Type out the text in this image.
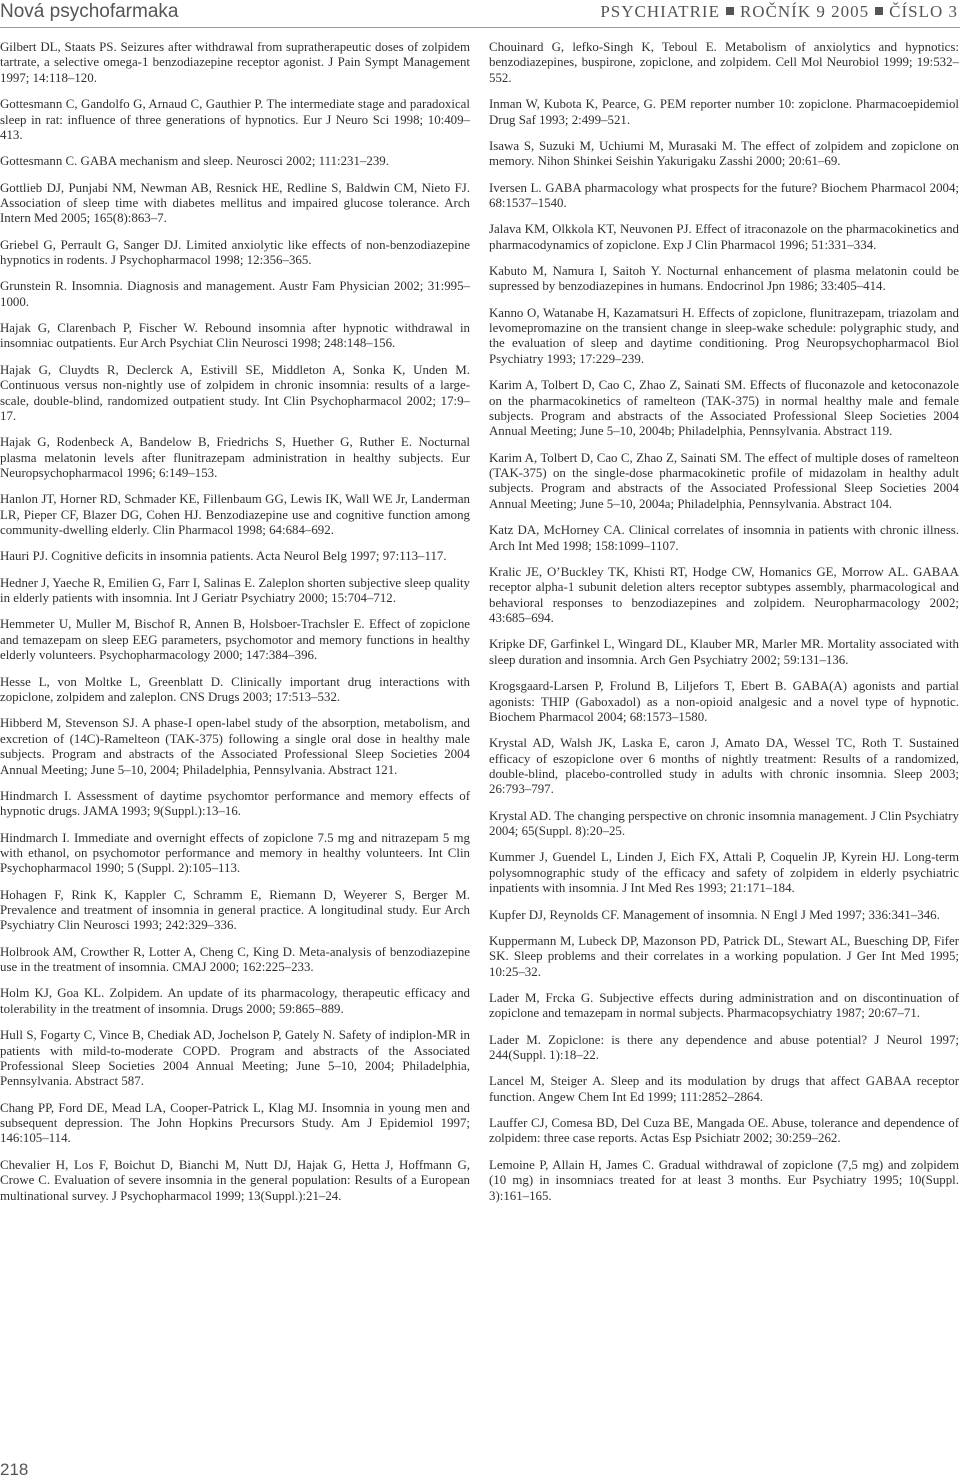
Nová psychofarmaka	PSYCHIATRIE ROČNÍK 9 2005 ČÍSLO 3

Gilbert DL, Staats PS. Seizures after withdrawal from supratherapeutic doses of zolpidem tartrate, a selective omega-1 benzodiazepine receptor agonist. J Pain Sympt Management 1997; 14:118–120.

Gottesmann C, Gandolfo G, Arnaud C, Gauthier P. The intermediate stage and paradoxical sleep in rat: influence of three generations of hypnotics. Eur J Neuro Sci 1998; 10:409–413.

Gottesmann C. GABA mechanism and sleep. Neurosci 2002; 111:231–239.

Gottlieb DJ, Punjabi NM, Newman AB, Resnick HE, Redline S, Baldwin CM, Nieto FJ. Association of sleep time with diabetes mellitus and impaired glucose tolerance. Arch Intern Med 2005; 165(8):863–7.

Griebel G, Perrault G, Sanger DJ. Limited anxiolytic like effects of non-benzodiazepine hypnotics in rodents. J Psychopharmacol 1998; 12:356–365.

Grunstein R. Insomnia. Diagnosis and management. Austr Fam Physician 2002; 31:995–1000.

Hajak G, Clarenbach P, Fischer W. Rebound insomnia after hypnotic withdrawal in insomniac outpatients. Eur Arch Psychiat Clin Neurosci 1998; 248:148–156.

Hajak G, Cluydts R, Declerck A, Estivill SE, Middleton A, Sonka K, Unden M. Continuous versus non-nightly use of zolpidem in chronic insomnia: results of a large-scale, double-blind, randomized outpatient study. Int Clin Psychopharmacol 2002; 17:9–17.

Hajak G, Rodenbeck A, Bandelow B, Friedrichs S, Huether G, Ruther E. Nocturnal plasma melatonin levels after flunitrazepam administration in healthy subjects. Eur Neuropsychopharmacol 1996; 6:149–153.

Hanlon JT, Horner RD, Schmader KE, Fillenbaum GG, Lewis IK, Wall WE Jr, Landerman LR, Pieper CF, Blazer DG, Cohen HJ. Benzodiazepine use and cognitive function among community-dwelling elderly. Clin Pharmacol 1998; 64:684–692.

Hauri PJ. Cognitive deficits in insomnia patients. Acta Neurol Belg 1997; 97:113–117.

Hedner J, Yaeche R, Emilien G, Farr I, Salinas E. Zaleplon shorten subjective sleep quality in elderly patients with insomnia. Int J Geriatr Psychiatry 2000; 15:704–712.

Hemmeter U, Muller M, Bischof R, Annen B, Holsboer-Trachsler E. Effect of zopiclone and temazepam on sleep EEG parameters, psychomotor and memory functions in healthy elderly volunteers. Psychopharmacology 2000; 147:384–396.

Hesse L, von Moltke L, Greenblatt D. Clinically important drug interactions with zopiclone, zolpidem and zaleplon. CNS Drugs 2003; 17:513–532.

Hibberd M, Stevenson SJ. A phase-I open-label study of the absorption, metabolism, and excretion of (14C)-Ramelteon (TAK-375) following a single oral dose in healthy male subjects. Program and abstracts of the Associated Professional Sleep Societies 2004 Annual Meeting; June 5–10, 2004; Philadelphia, Pennsylvania. Abstract 121.

Hindmarch I. Assessment of daytime psychomtor performance and memory effects of hypnotic drugs. JAMA 1993; 9(Suppl.):13–16.

Hindmarch I. Immediate and overnight effects of zopiclone 7.5 mg and nitrazepam 5 mg with ethanol, on psychomotor performance and memory in healthy volunteers. Int Clin Psychopharmacol 1990; 5 (Suppl. 2):105–113.

Hohagen F, Rink K, Kappler C, Schramm E, Riemann D, Weyerer S, Berger M. Prevalence and treatment of insomnia in general practice. A longitudinal study. Eur Arch Psychiatry Clin Neurosci 1993; 242:329–336.

Holbrook AM, Crowther R, Lotter A, Cheng C, King D. Meta-analysis of benzodiazepine use in the treatment of insomnia. CMAJ 2000; 162:225–233.

Holm KJ, Goa KL. Zolpidem. An update of its pharmacology, therapeutic efficacy and tolerability in the treatment of insomnia. Drugs 2000; 59:865–889.

Hull S, Fogarty C, Vince B, Chediak AD, Jochelson P, Gately N. Safety of indiplon-MR in patients with mild-to-moderate COPD. Program and abstracts of the Associated Professional Sleep Societies 2004 Annual Meeting; June 5–10, 2004; Philadelphia, Pennsylvania. Abstract 587.

Chang PP, Ford DE, Mead LA, Cooper-Patrick L, Klag MJ. Insomnia in young men and subsequent depression. The John Hopkins Precursors Study. Am J Epidemiol 1997; 146:105–114.

Chevalier H, Los F, Boichut D, Bianchi M, Nutt DJ, Hajak G, Hetta J, Hoffmann G, Crowe C. Evaluation of severe insomnia in the general population: Results of a European multinational survey. J Psychopharmacol 1999; 13(Suppl.):21–24.

Chouinard G, lefko-Singh K, Teboul E. Metabolism of anxiolytics and hypnotics: benzodiazepines, buspirone, zopiclone, and zolpidem. Cell Mol Neurobiol 1999; 19:532–552.

Inman W, Kubota K, Pearce, G. PEM reporter number 10: zopiclone. Pharmacoepidemiol Drug Saf 1993; 2:499–521.

Isawa S, Suzuki M, Uchiumi M, Murasaki M. The effect of zolpidem and zopiclone on memory. Nihon Shinkei Seishin Yakurigaku Zasshi 2000; 20:61–69.

Iversen L. GABA pharmacology what prospects for the future? Biochem Pharmacol 2004; 68:1537–1540.

Jalava KM, Olkkola KT, Neuvonen PJ. Effect of itraconazole on the pharmacokinetics and pharmacodynamics of zopiclone. Exp J Clin Pharmacol 1996; 51:331–334.

Kabuto M, Namura I, Saitoh Y. Nocturnal enhancement of plasma melatonin could be supressed by benzodiazepines in humans. Endocrinol Jpn 1986; 33:405–414.

Kanno O, Watanabe H, Kazamatsuri H. Effects of zopiclone, flunitrazepam, triazolam and levomepromazine on the transient change in sleep-wake schedule: polygraphic study, and the evaluation of sleep and daytime conditioning. Prog Neuropsychopharmacol Biol Psychiatry 1993; 17:229–239.

Karim A, Tolbert D, Cao C, Zhao Z, Sainati SM. Effects of fluconazole and ketoconazole on the pharmacokinetics of ramelteon (TAK-375) in normal healthy male and female subjects. Program and abstracts of the Associated Professional Sleep Societies 2004 Annual Meeting; June 5–10, 2004b; Philadelphia, Pennsylvania. Abstract 119.

Karim A, Tolbert D, Cao C, Zhao Z, Sainati SM. The effect of multiple doses of ramelteon (TAK-375) on the single-dose pharmacokinetic profile of midazolam in healthy adult subjects. Program and abstracts of the Associated Professional Sleep Societies 2004 Annual Meeting; June 5–10, 2004a; Philadelphia, Pennsylvania. Abstract 104.

Katz DA, McHorney CA. Clinical correlates of insomnia in patients with chronic illness. Arch Int Med 1998; 158:1099–1107.

Kralic JE, O’Buckley TK, Khisti RT, Hodge CW, Homanics GE, Morrow AL. GABAA receptor alpha-1 subunit deletion alters receptor subtypes assembly, pharmacological and behavioral responses to benzodiazepines and zolpidem. Neuropharmacology 2002; 43:685–694.

Kripke DF, Garfinkel L, Wingard DL, Klauber MR, Marler MR. Mortality associated with sleep duration and insomnia. Arch Gen Psychiatry 2002; 59:131–136.

Krogsgaard-Larsen P, Frolund B, Liljefors T, Ebert B. GABA(A) agonists and partial agonists: THIP (Gaboxadol) as a non-opioid analgesic and a novel type of hypnotic. Biochem Pharmacol 2004; 68:1573–1580.

Krystal AD, Walsh JK, Laska E, caron J, Amato DA, Wessel TC, Roth T. Sustained efficacy of eszopiclone over 6 months of nightly treatment: Results of a randomized, double-blind, placebo-controlled study in adults with chronic insomnia. Sleep 2003; 26:793–797.

Krystal AD. The changing perspective on chronic insomnia management. J Clin Psychiatry 2004; 65(Suppl. 8):20–25.

Kummer J, Guendel L, Linden J, Eich FX, Attali P, Coquelin JP, Kyrein HJ. Long-term polysomnographic study of the efficacy and safety of zolpidem in elderly psychiatric inpatients with insomnia. J Int Med Res 1993; 21:171–184.

Kupfer DJ, Reynolds CF. Management of insomnia. N Engl J Med 1997; 336:341–346.

Kuppermann M, Lubeck DP, Mazonson PD, Patrick DL, Stewart AL, Buesching DP, Fifer SK. Sleep problems and their correlates in a working population. J Ger Int Med 1995; 10:25–32.

Lader M, Frcka G. Subjective effects during administration and on discontinuation of zopiclone and temazepam in normal subjects. Pharmacopsychiatry 1987; 20:67–71.

Lader M. Zopiclone: is there any dependence and abuse potential? J Neurol 1997; 244(Suppl. 1):18–22.

Lancel M, Steiger A. Sleep and its modulation by drugs that affect GABAA receptor function. Angew Chem Int Ed 1999; 111:2852–2864.

Lauffer CJ, Comesa BD, Del Cuza BE, Mangada OE. Abuse, tolerance and dependence of zolpidem: three case reports. Actas Esp Psichiatr 2002; 30:259–262.

Lemoine P, Allain H, James C. Gradual withdrawal of zopiclone (7,5 mg) and zolpidem (10 mg) in insomniacs treated for at least 3 months. Eur Psychiatry 1995; 10(Suppl. 3):161–165.

218
